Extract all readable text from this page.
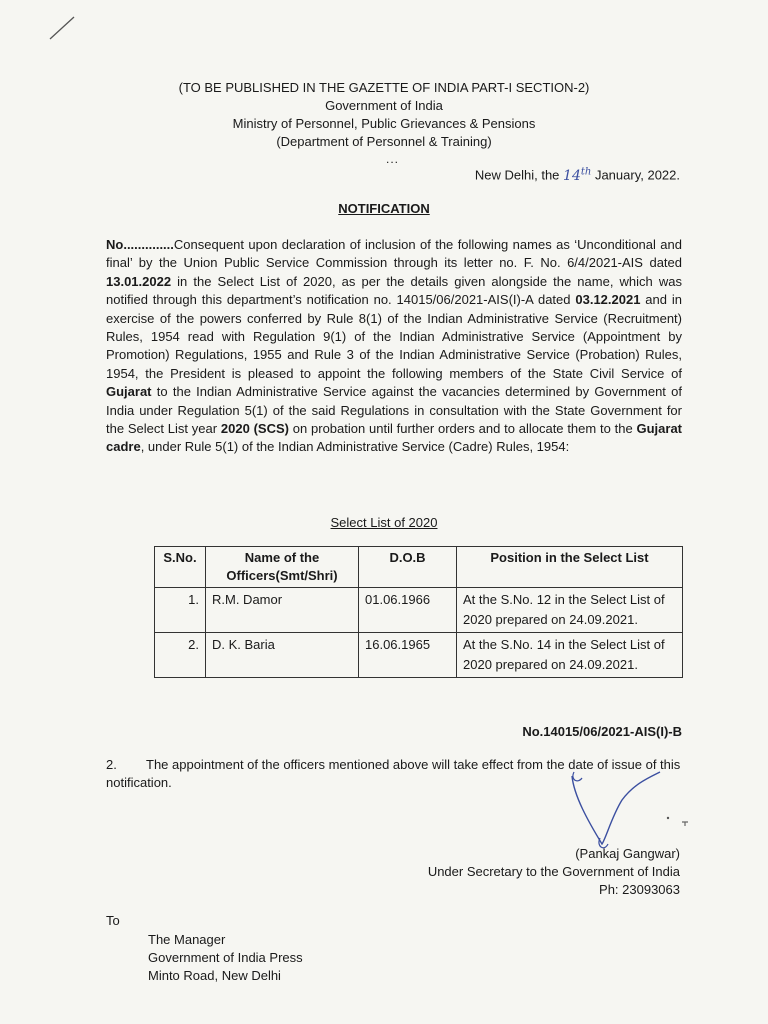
(TO BE PUBLISHED IN THE GAZETTE OF INDIA PART-I SECTION-2)
Government of India
Ministry of Personnel, Public Grievances & Pensions
(Department of Personnel & Training)
...
New Delhi, the 14th January, 2022.
NOTIFICATION
No..............Consequent upon declaration of inclusion of the following names as ‘Unconditional and final’ by the Union Public Service Commission through its letter no. F. No. 6/4/2021-AIS dated 13.01.2022 in the Select List of 2020, as per the details given alongside the name, which was notified through this department’s notification no. 14015/06/2021-AIS(I)-A dated 03.12.2021 and in exercise of the powers conferred by Rule 8(1) of the Indian Administrative Service (Recruitment) Rules, 1954 read with Regulation 9(1) of the Indian Administrative Service (Appointment by Promotion) Regulations, 1955 and Rule 3 of the Indian Administrative Service (Probation) Rules, 1954, the President is pleased to appoint the following members of the State Civil Service of Gujarat to the Indian Administrative Service against the vacancies determined by Government of India under Regulation 5(1) of the said Regulations in consultation with the State Government for the Select List year 2020 (SCS) on probation until further orders and to allocate them to the Gujarat cadre, under Rule 5(1) of the Indian Administrative Service (Cadre) Rules, 1954:
Select List of 2020
S.No.	Name of the Officers(Smt/Shri)	D.O.B	Position in the Select List
1.	R.M. Damor	01.06.1966	At the S.No. 12 in the Select List of 2020 prepared on 24.09.2021.
2.	D. K. Baria	16.06.1965	At the S.No. 14 in the Select List of 2020 prepared on 24.09.2021.
No.14015/06/2021-AIS(I)-B
2. The appointment of the officers mentioned above will take effect from the date of issue of this notification.
(Pankaj Gangwar)
Under Secretary to the Government of India
Ph: 23093063
To
The Manager
Government of India Press
Minto Road, New Delhi
